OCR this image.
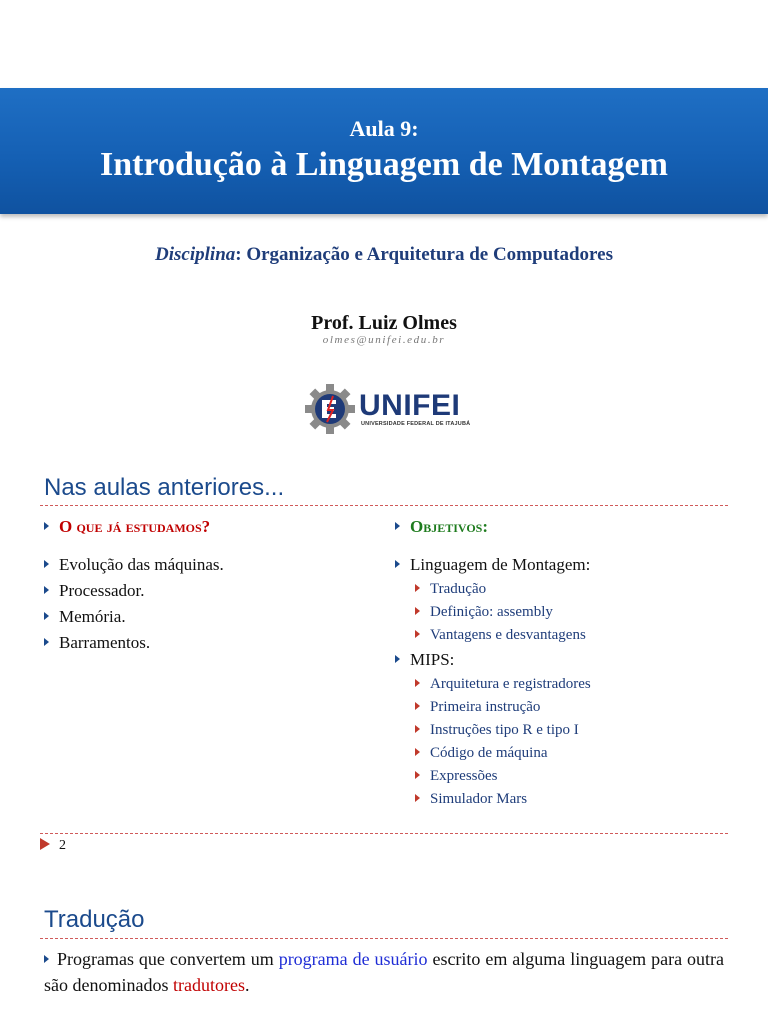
Aula 9:
Introdução à Linguagem de Montagem
Disciplina: Organização e Arquitetura de Computadores
Prof. Luiz Olmes
olmes@unifei.edu.br
UNIFEI
UNIVERSIDADE FEDERAL DE ITAJUBÁ
Nas aulas anteriores...
O que já estudamos?
Evolução das máquinas.
Processador.
Memória.
Barramentos.
Objetivos:
Linguagem de Montagem:
Tradução
Definição: assembly
Vantagens e desvantagens
MIPS:
Arquitetura e registradores
Primeira instrução
Instruções tipo R e tipo I
Código de máquina
Expressões
Simulador Mars
2
Tradução
Programas que convertem um programa de usuário escrito em alguma linguagem para outra são denominados tradutores.
